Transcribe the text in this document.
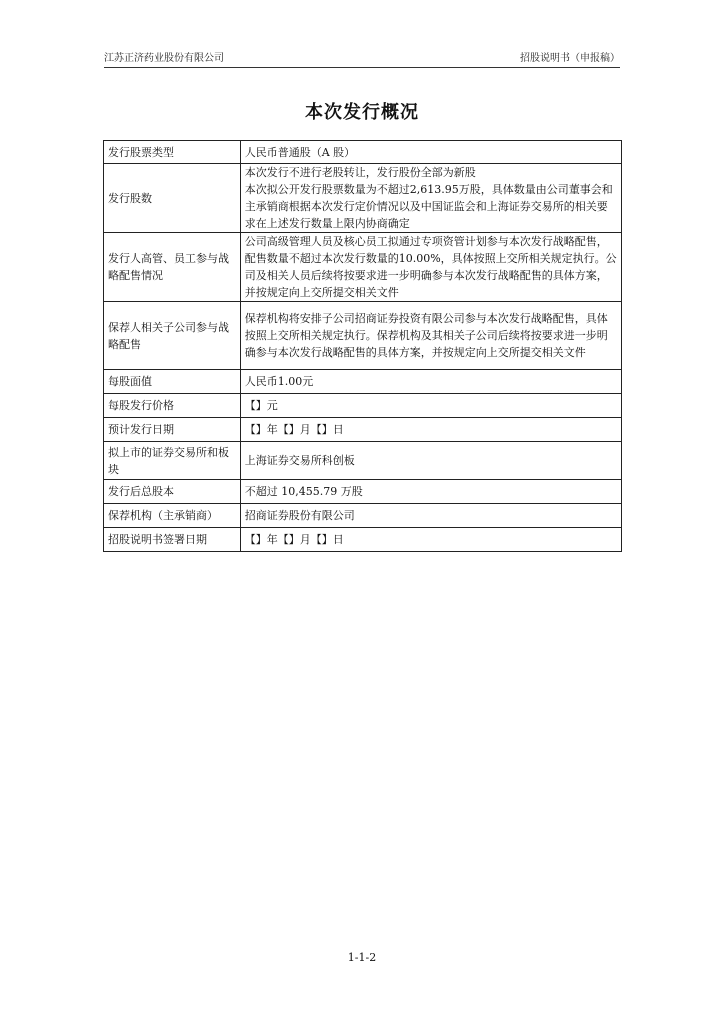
江苏正济药业股份有限公司	招股说明书（申报稿）
本次发行概况
发行股票类型	人民币普通股（A 股）
发行股数	本次发行不进行老股转让，发行股份全部为新股
本次拟公开发行股票数量为不超过2,613.95万股，具体数量由公司董事会和主承销商根据本次发行定价情况以及中国证监会和上海证券交易所的相关要求在上述发行数量上限内协商确定
发行人高管、员工参与战略配售情况	公司高级管理人员及核心员工拟通过专项资管计划参与本次发行战略配售，配售数量不超过本次发行数量的10.00%，具体按照上交所相关规定执行。公司及相关人员后续将按要求进一步明确参与本次发行战略配售的具体方案，并按规定向上交所提交相关文件
保荐人相关子公司参与战略配售	保荐机构将安排子公司招商证券投资有限公司参与本次发行战略配售，具体按照上交所相关规定执行。保荐机构及其相关子公司后续将按要求进一步明确参与本次发行战略配售的具体方案，并按规定向上交所提交相关文件
每股面值	人民币1.00元
每股发行价格	【】元
预计发行日期	【】年【】月【】日
拟上市的证券交易所和板块	上海证券交易所科创板
发行后总股本	不超过 10,455.79 万股
保荐机构（主承销商）	招商证券股份有限公司
招股说明书签署日期	【】年【】月【】日
1-1-2
